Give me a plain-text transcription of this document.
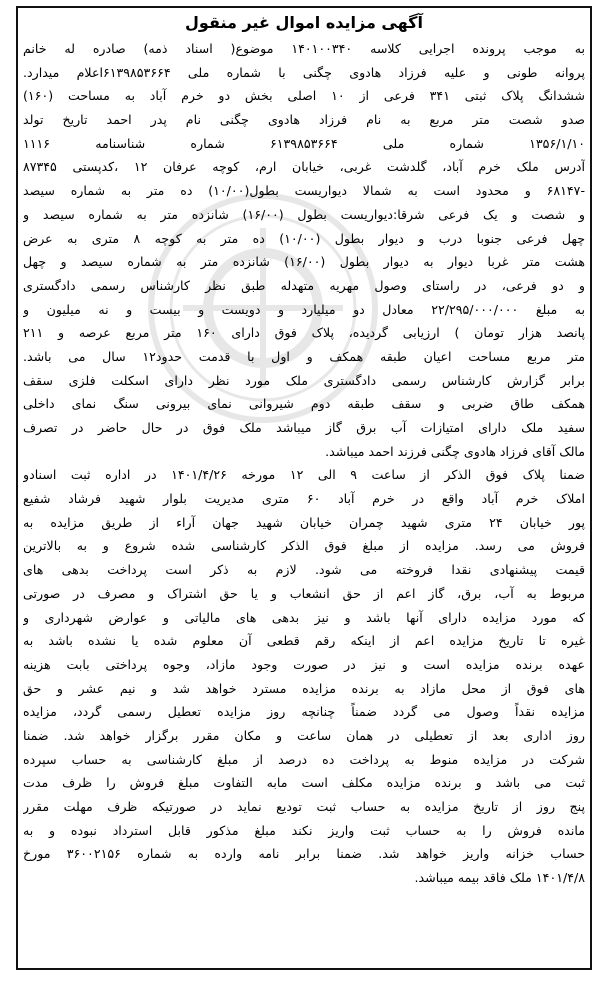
آگهی مزایده اموال غیر منقول

به موجب پرونده اجرایی کلاسه ۱۴۰۱۰۰۳۴۰ موضوع( اسناد ذمه) صادره له خانم

پروانه طونی و علیه فرزاد هادوی چگنی با شماره ملی ۶۱۳۹۸۵۳۶۶۴اعلام میدارد.

ششدانگ پلاک ثبتی ۳۴۱ فرعی از ۱۰ اصلی بخش دو خرم آباد به مساحت (۱۶۰)

صدو شصت متر مربع به نام فرزاد هادوی چگنی نام پدر احمد تاریخ تولد

۱۳۵۶/۱/۱۰ شماره ملی ۶۱۳۹۸۵۳۶۶۴ شماره شناسنامه ۱۱۱۶

آدرس ملک خرم آباد، گلدشت غربی، خیابان ارم، کوچه عرفان ۱۲ ،کدپستی ۸۷۳۴۵

-۶۸۱۴۷ و محدود است به شمالا دیواریست بطول(۱۰/۰۰) ده متر به شماره سیصد

و شصت و یک فرعی شرقا:دیواریست بطول (۱۶/۰۰) شانزده متر به شماره سیصد و

چهل فرعی جنوبا درب و دیوار بطول (۱۰/۰۰) ده متر به کوچه ۸ متری به عرض

هشت متر غربا دیوار به دیوار بطول (۱۶/۰۰) شانزده متر به شماره سیصد و چهل

و دو فرعی، در راستای وصول مهریه متهدله طبق نظر کارشناس رسمی دادگستری

به مبلغ ۲۲/۲۹۵/۰۰۰/۰۰۰ معادل دو میلیارد و دویست و بیست و نه میلیون و

پانصد هزار تومان ) ارزیابی گردیده، پلاک فوق دارای ۱۶۰ متر مربع عرصه و ۲۱۱

متر مربع مساحت اعیان طبقه همکف و اول با قدمت حدود۱۲ سال می باشد.

برابر گزارش کارشناس رسمی دادگستری ملک مورد نظر دارای اسکلت فلزی سقف

همکف طاق ضربی و سقف طبقه دوم شیروانی نمای بیرونی سنگ نمای داخلی

سفید ملک دارای امتیازات آب برق گاز میباشد ملک فوق در حال حاضر در تصرف

مالک آقای فرزاد هادوی چگنی فرزند احمد میباشد.

ضمنا پلاک فوق الذکر از ساعت ۹ الی ۱۲ مورخه ۱۴۰۱/۴/۲۶ در اداره ثبت اسنادو

املاک خرم آباد واقع در خرم آباد ۶۰ متری مدیریت بلوار شهید فرشاد شفیع

پور خیابان ۲۴ متری شهید چمران خیابان شهید جهان آراء از طریق مزایده به

فروش می رسد. مزایده از مبلغ فوق الذکر کارشناسی شده شروع و به بالاترین

قیمت پیشنهادی نقدا فروخته می شود. لازم به ذکر است پرداخت بدهی های

مربوط به آب، برق، گاز اعم از حق انشعاب و یا حق اشتراک و مصرف در صورتی

که مورد مزایده دارای آنها باشد و نیز بدهی های مالیاتی و عوارض شهرداری و

غیره تا تاریخ مزایده اعم از اینکه رقم قطعی آن معلوم شده یا نشده باشد به

عهده برنده مزایده است و نیز در صورت وجود مازاد، وجوه پرداختی بابت هزینه

های فوق از محل مازاد به برنده مزایده مسترد خواهد شد و نیم عشر و حق

مزایده نقداً وصول می گردد ضمناً چنانچه روز مزایده تعطیل رسمی گردد، مزایده

روز اداری بعد از تعطیلی در همان ساعت و مکان مقرر برگزار خواهد شد. ضمنا

شرکت در مزایده منوط به پرداخت ده درصد از مبلغ کارشناسی به حساب سپرده

ثبت می باشد و برنده مزایده مکلف است مابه التفاوت مبلغ فروش را ظرف مدت

پنج روز از تاریخ مزایده به حساب ثبت تودیع نماید در صورتیکه ظرف مهلت مقرر

مانده فروش را به حساب ثبت واریز نکند مبلغ مذکور قابل استرداد نبوده و به

حساب خزانه واریز خواهد شد. ضمنا برابر نامه وارده به شماره ۳۶۰۰۲۱۵۶ مورخ

۱۴۰۱/۴/۸ ملک فاقد بیمه میباشد.
